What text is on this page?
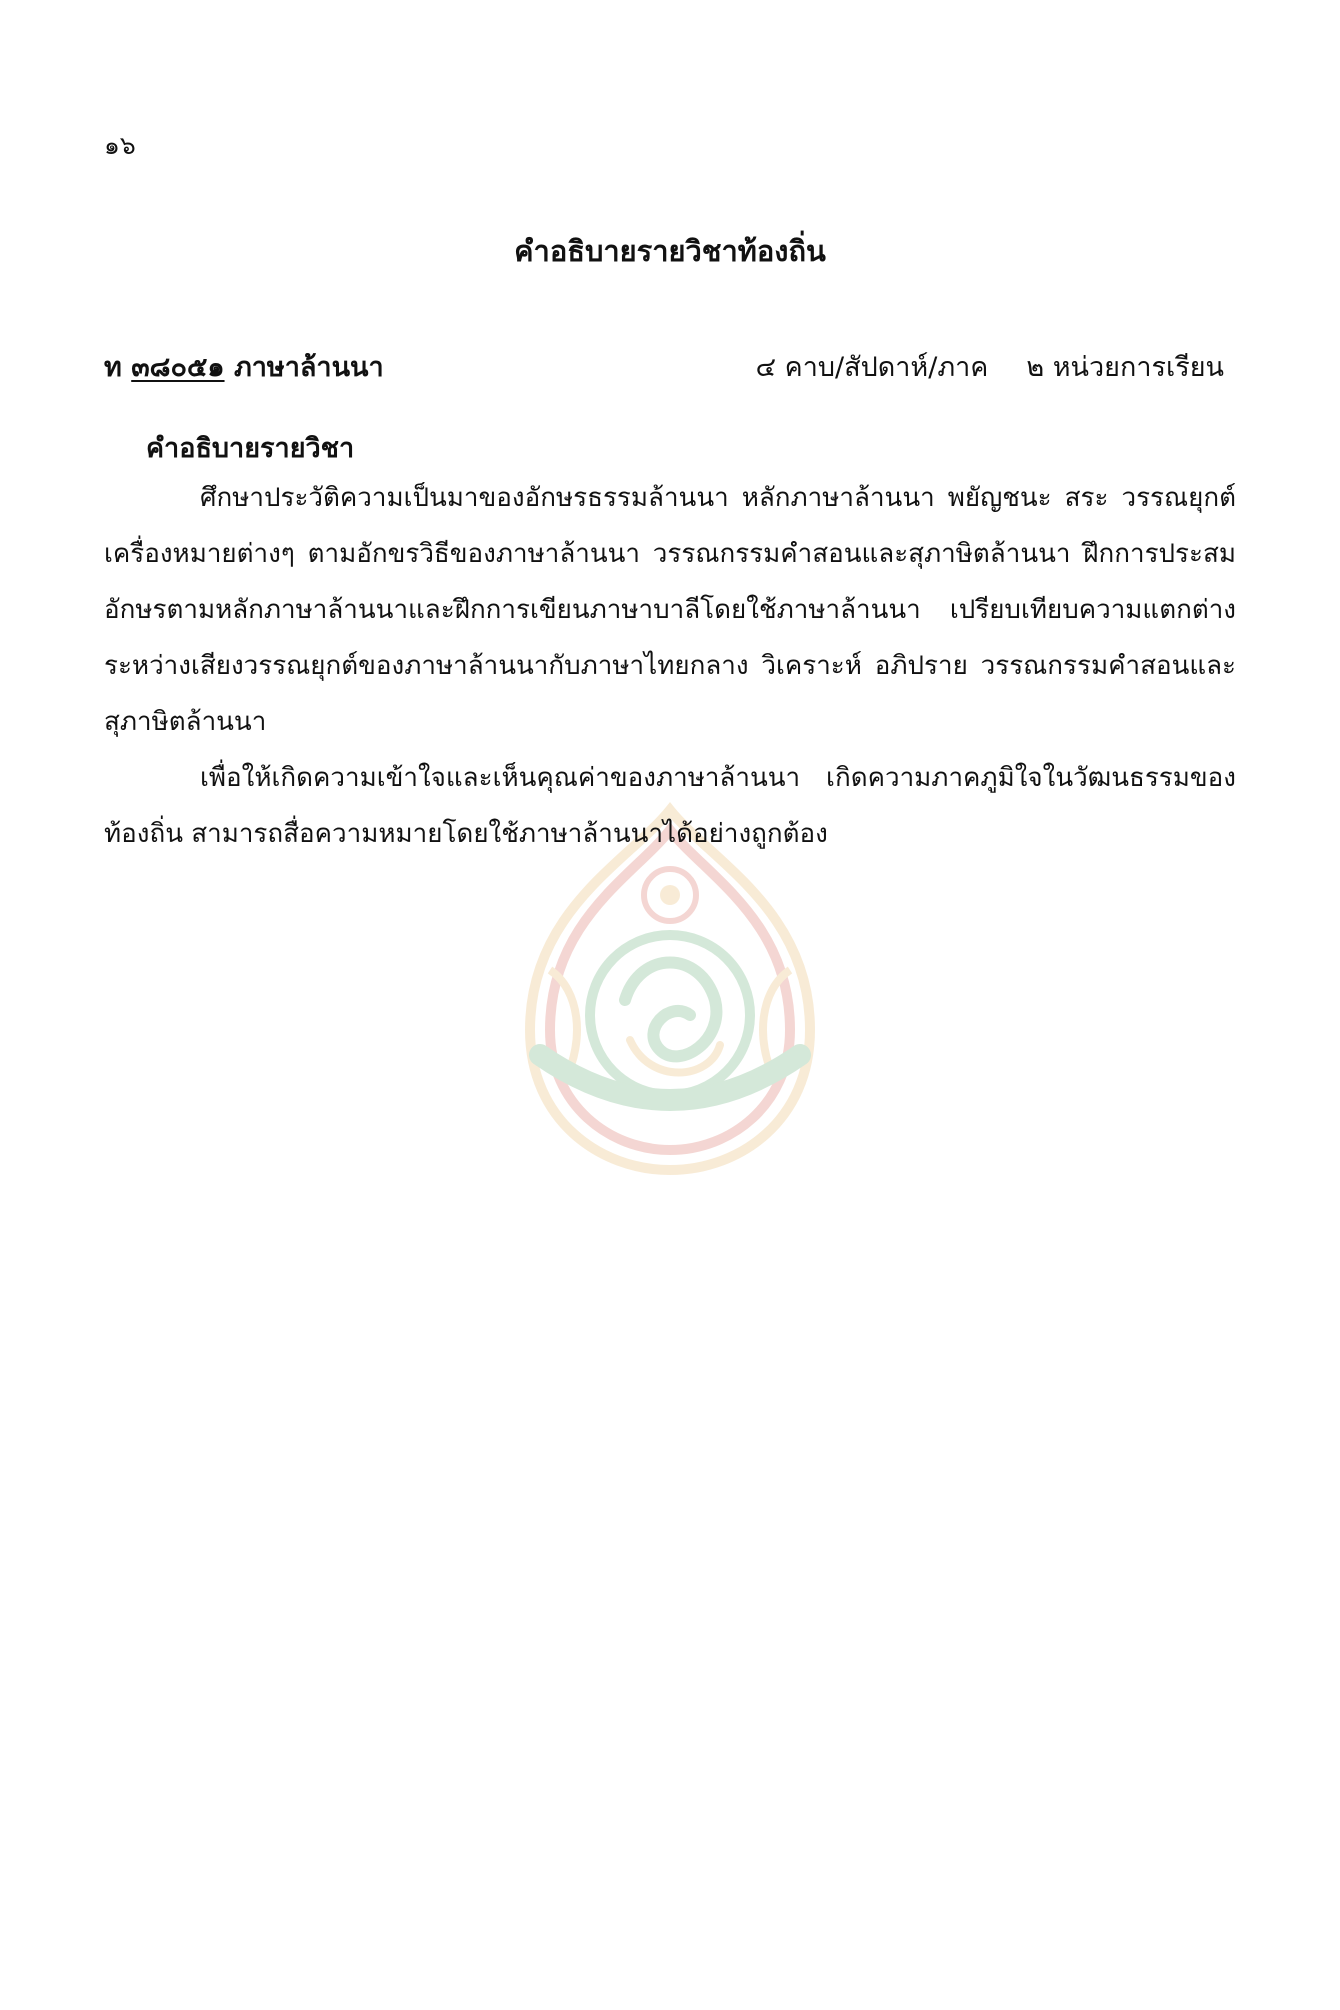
๑๖
คำอธิบายรายวิชาท้องถิ่น
ท ๓๘๐๕๑ ภาษาล้านนา	๔ คาบ/สัปดาห์/ภาค ๒ หน่วยการเรียน
คำอธิบายรายวิชา

ศึกษาประวัติความเป็นมาของอักษรธรรมล้านนา หลักภาษาล้านนา พยัญชนะ สระ วรรณยุกต์ เครื่องหมายต่างๆ ตามอักขรวิธีของภาษาล้านนา วรรณกรรมคำสอนและสุภาษิตล้านนา ฝึกการประสมอักษรตามหลักภาษาล้านนาและฝึกการเขียนภาษาบาลีโดยใช้ภาษาล้านนา เปรียบเทียบความแตกต่างระหว่างเสียงวรรณยุกต์ของภาษาล้านนากับภาษาไทยกลาง วิเคราะห์ อภิปราย วรรณกรรมคำสอนและสุภาษิตล้านนา

เพื่อให้เกิดความเข้าใจและเห็นคุณค่าของภาษาล้านนา เกิดความภาคภูมิใจในวัฒนธรรมของท้องถิ่น สามารถสื่อความหมายโดยใช้ภาษาล้านนาได้อย่างถูกต้อง
